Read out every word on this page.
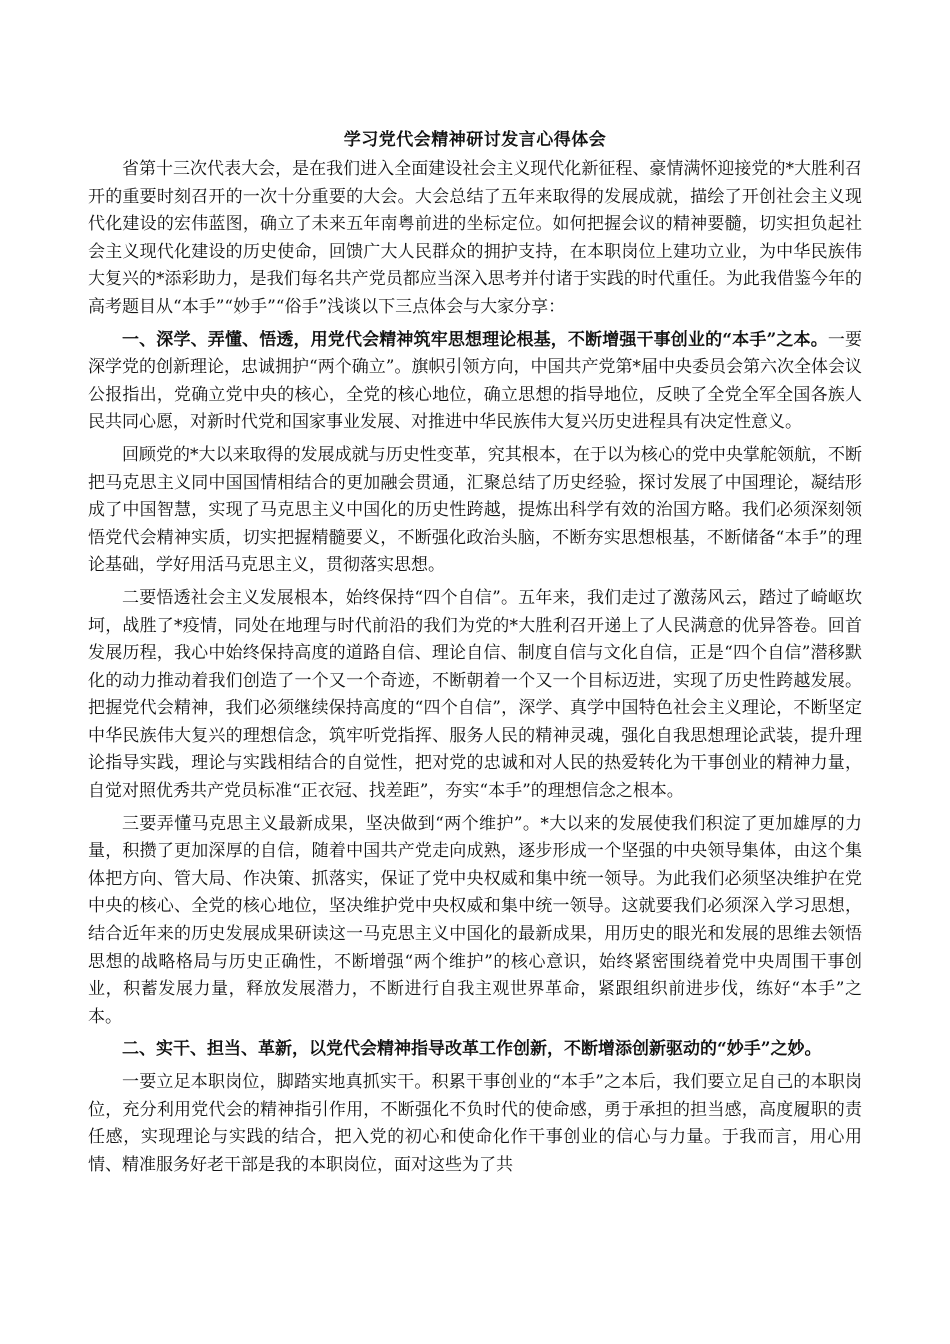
学习党代会精神研讨发言心得体会

省第十三次代表大会，是在我们进入全面建设社会主义现代化新征程、豪情满怀迎接党的*大胜利召开的重要时刻召开的一次十分重要的大会。大会总结了五年来取得的发展成就，描绘了开创社会主义现代化建设的宏伟蓝图，确立了未来五年南粤前进的坐标定位。如何把握会议的精神要髓，切实担负起社会主义现代化建设的历史使命，回馈广大人民群众的拥护支持，在本职岗位上建功立业，为中华民族伟大复兴的*添彩助力，是我们每名共产党员都应当深入思考并付诸于实践的时代重任。为此我借鉴今年的高考题目从“本手”“妙手”“俗手”浅谈以下三点体会与大家分享：

一、深学、弄懂、悟透，用党代会精神筑牢思想理论根基，不断增强干事创业的“本手”之本。一要深学党的创新理论，忠诚拥护“两个确立”。旗帜引领方向，中国共产党第*届中央委员会第六次全体会议公报指出，党确立党中央的核心，全党的核心地位，确立思想的指导地位，反映了全党全军全国各族人民共同心愿，对新时代党和国家事业发展、对推进中华民族伟大复兴历史进程具有决定性意义。

回顾党的*大以来取得的发展成就与历史性变革，究其根本，在于以为核心的党中央掌舵领航，不断把马克思主义同中国国情相结合的更加融会贯通，汇聚总结了历史经验，探讨发展了中国理论，凝结形成了中国智慧，实现了马克思主义中国化的历史性跨越，提炼出科学有效的治国方略。我们必须深刻领悟党代会精神实质，切实把握精髓要义，不断强化政治头脑，不断夯实思想根基，不断储备“本手”的理论基础，学好用活马克思主义，贯彻落实思想。

二要悟透社会主义发展根本，始终保持“四个自信”。五年来，我们走过了激荡风云，踏过了崎岖坎坷，战胜了*疫情，同处在地理与时代前沿的我们为党的*大胜利召开递上了人民满意的优异答卷。回首发展历程，我心中始终保持高度的道路自信、理论自信、制度自信与文化自信，正是“四个自信”潜移默化的动力推动着我们创造了一个又一个奇迹，不断朝着一个又一个目标迈进，实现了历史性跨越发展。把握党代会精神，我们必须继续保持高度的“四个自信”，深学、真学中国特色社会主义理论，不断坚定中华民族伟大复兴的理想信念，筑牢听党指挥、服务人民的精神灵魂，强化自我思想理论武装，提升理论指导实践，理论与实践相结合的自觉性，把对党的忠诚和对人民的热爱转化为干事创业的精神力量，自觉对照优秀共产党员标准“正衣冠、找差距”，夯实“本手”的理想信念之根本。

三要弄懂马克思主义最新成果，坚决做到“两个维护”。*大以来的发展使我们积淀了更加雄厚的力量，积攒了更加深厚的自信，随着中国共产党走向成熟，逐步形成一个坚强的中央领导集体，由这个集体把方向、管大局、作决策、抓落实，保证了党中央权威和集中统一领导。为此我们必须坚决维护在党中央的核心、全党的核心地位，坚决维护党中央权威和集中统一领导。这就要我们必须深入学习思想，结合近年来的历史发展成果研读这一马克思主义中国化的最新成果，用历史的眼光和发展的思维去领悟思想的战略格局与历史正确性，不断增强“两个维护”的核心意识，始终紧密围绕着党中央周围干事创业，积蓄发展力量，释放发展潜力，不断进行自我主观世界革命，紧跟组织前进步伐，练好“本手”之本。

二、实干、担当、革新，以党代会精神指导改革工作创新，不断增添创新驱动的“妙手”之妙。

一要立足本职岗位，脚踏实地真抓实干。积累干事创业的“本手”之本后，我们要立足自己的本职岗位，充分利用党代会的精神指引作用，不断强化不负时代的使命感，勇于承担的担当感，高度履职的责任感，实现理论与实践的结合，把入党的初心和使命化作干事创业的信心与力量。于我而言，用心用情、精准服务好老干部是我的本职岗位，面对这些为了共
